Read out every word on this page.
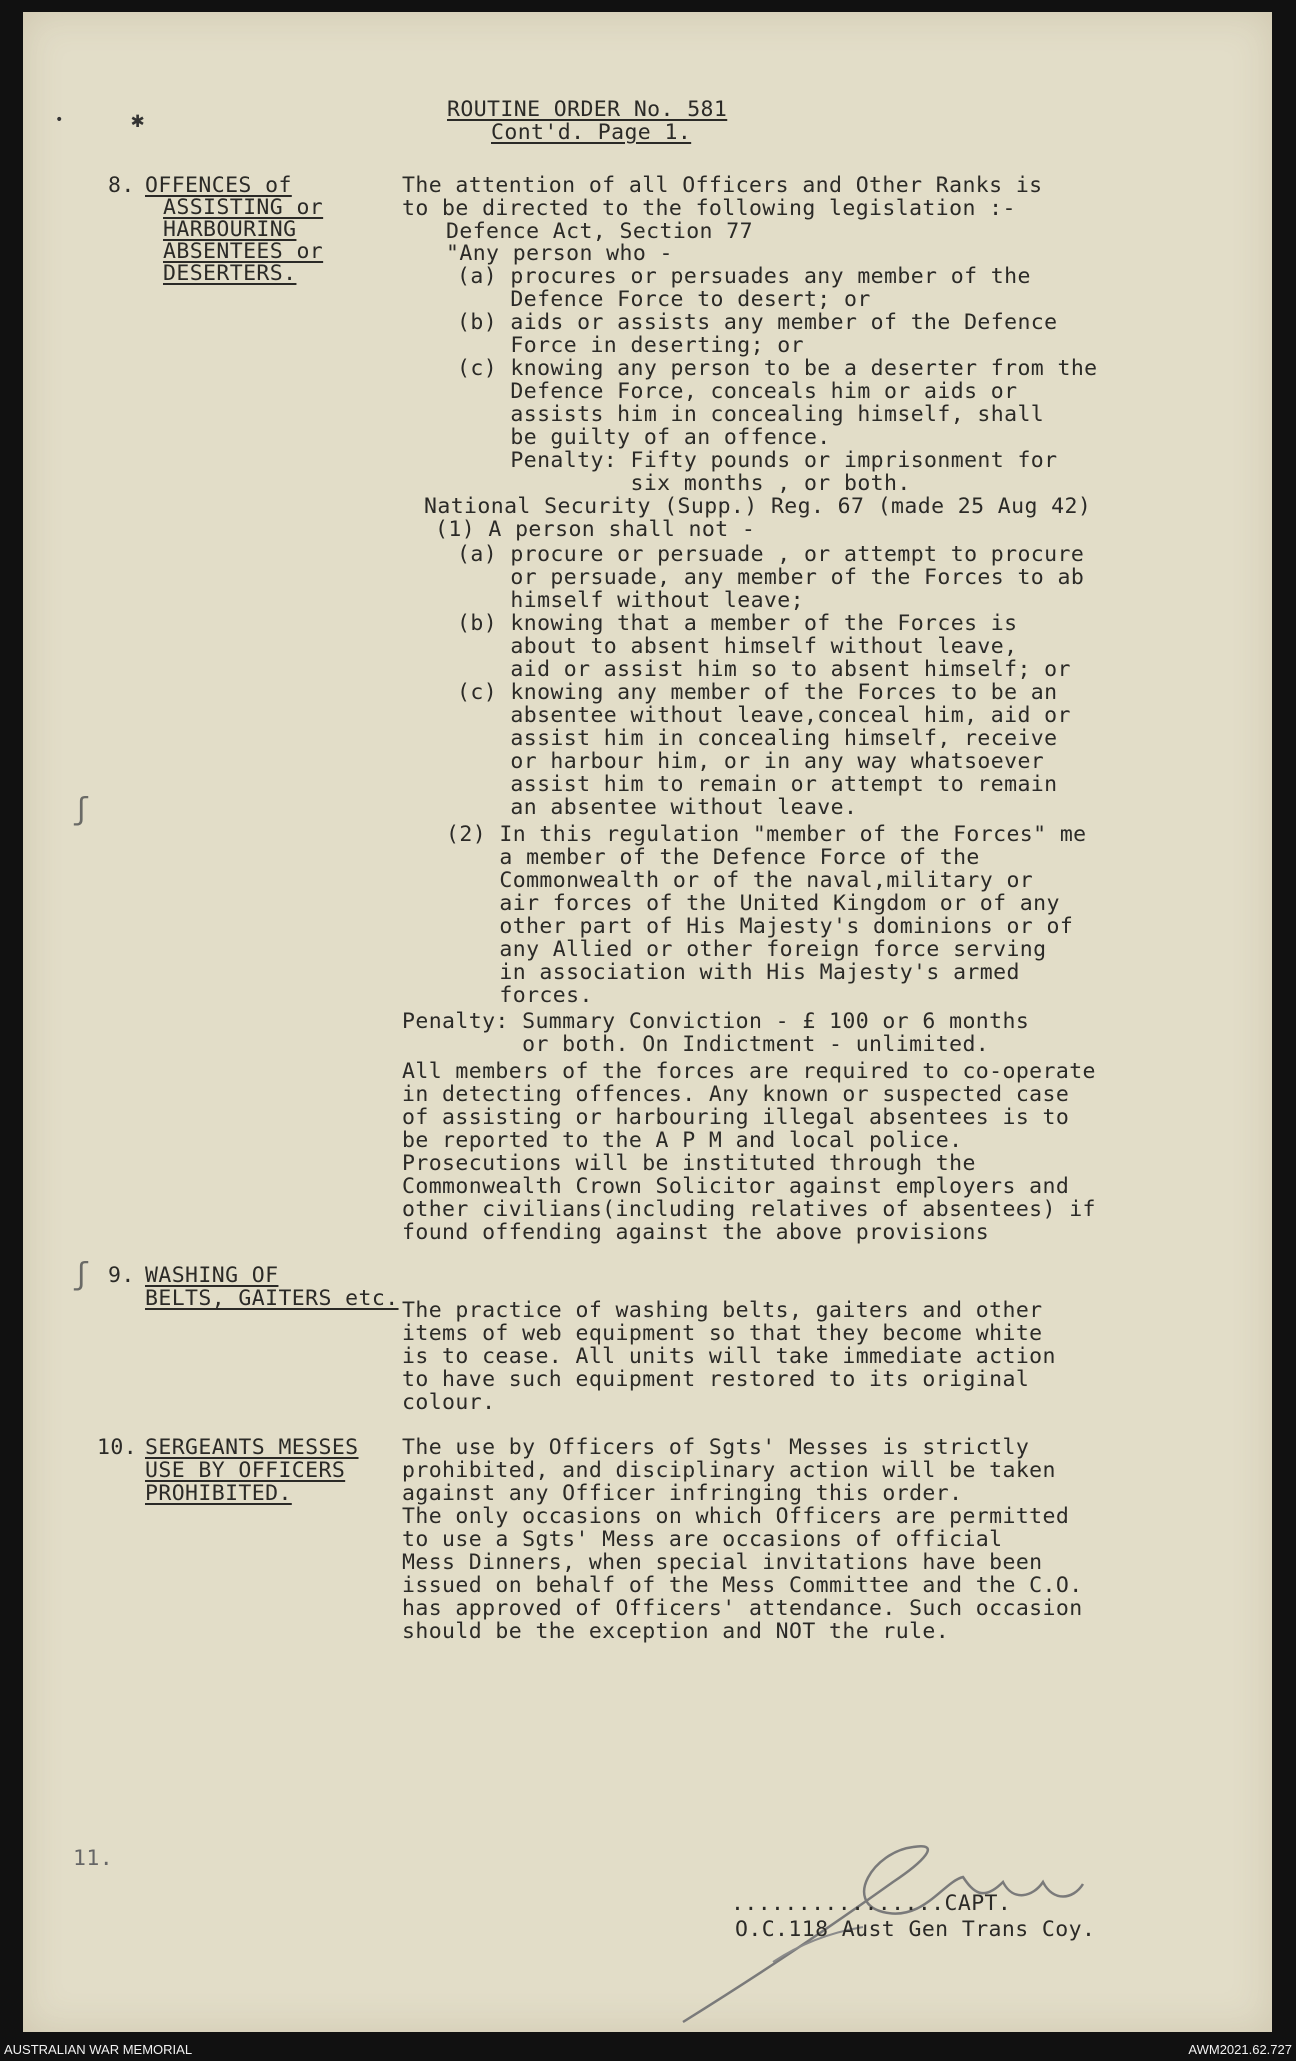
ROUTINE ORDER No. 581
Cont'd. Page 1.
•	✱
ʃ
ʃ
8. OFFENCES of
ASSISTING or
HARBOURING
ABSENTEES or
DESERTERS.
The attention of all Officers and Other Ranks is
to be directed to the following legislation :-
Defence Act, Section 77
"Any person who -
(a) procures or persuades any member of the
Defence Force to desert; or
(b) aids or assists any member of the Defence
Force in deserting; or
(c) knowing any person to be a deserter from the
Defence Force, conceals him or aids or
assists him in concealing himself, shall
be guilty of an offence.
Penalty: Fifty pounds or imprisonment for
six months , or both.
National Security (Supp.) Reg. 67 (made 25 Aug 42)
(1) A person shall not -
(a) procure or persuade , or attempt to procure
or persuade, any member of the Forces to ab
himself without leave;
(b) knowing that a member of the Forces is
about to absent himself without leave,
aid or assist him so to absent himself; or
(c) knowing any member of the Forces to be an
absentee without leave,conceal him, aid or
assist him in concealing himself, receive
or harbour him, or in any way whatsoever
assist him to remain or attempt to remain
an absentee without leave.
(2) In this regulation "member of the Forces" me
a member of the Defence Force of the
Commonwealth or of the naval,military or
air forces of the United Kingdom or of any
other part of His Majesty's dominions or of
any Allied or other foreign force serving
in association with His Majesty's armed
forces.
Penalty: Summary Conviction - £ 100 or 6 months
or both. On Indictment - unlimited.
All members of the forces are required to co-operate
in detecting offences. Any known or suspected case
of assisting or harbouring illegal absentees is to
be reported to the A P M and local police.
Prosecutions will be instituted through the
Commonwealth Crown Solicitor against employers and
other civilians(including relatives of absentees) if
found offending against the above provisions
9. WASHING OF
BELTS, GAITERS etc. The practice of washing belts, gaiters and other
items of web equipment so that they become white
is to cease. All units will take immediate action
to have such equipment restored to its original
colour.
10. SERGEANTS MESSES
USE BY OFFICERS
PROHIBITED.
The use by Officers of Sgts' Messes is strictly
prohibited, and disciplinary action will be taken
against any Officer infringing this order.
The only occasions on which Officers are permitted
to use a Sgts' Mess are occasions of official
Mess Dinners, when special invitations have been
issued on behalf of the Mess Committee and the C.O.
has approved of Officers' attendance. Such occasion
should be the exception and NOT the rule.
11.
................CAPT.
O.C.118 Aust Gen Trans Coy.
AUSTRALIAN WAR MEMORIAL	AWM2021.62.727
